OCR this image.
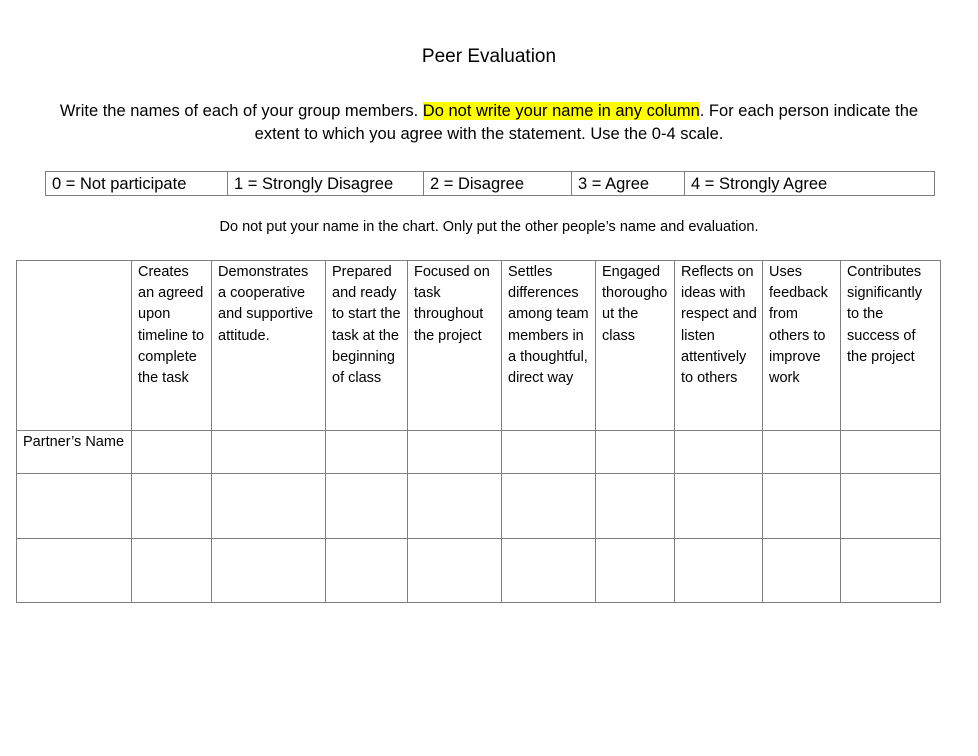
Peer Evaluation
Write the names of each of your group members. Do not write your name in any column. For each person indicate the extent to which you agree with the statement. Use the 0-4 scale.
0 = Not participate	1 = Strongly Disagree	2 = Disagree	3 = Agree	4 = Strongly Agree
Do not put your name in the chart. Only put the other people’s name and evaluation.
	Creates an agreed upon timeline to complete the task	Demonstrates a cooperative and supportive attitude.	Prepared and ready to start the task at the beginning of class	Focused on task throughout the project	Settles differences among team members in a thoughtful, direct way	Engaged thoroughout the class	Reflects on ideas with respect and listen attentively to others	Uses feedback from others to improve work	Contributes significantly to the success of the project
Partner’s Name									
